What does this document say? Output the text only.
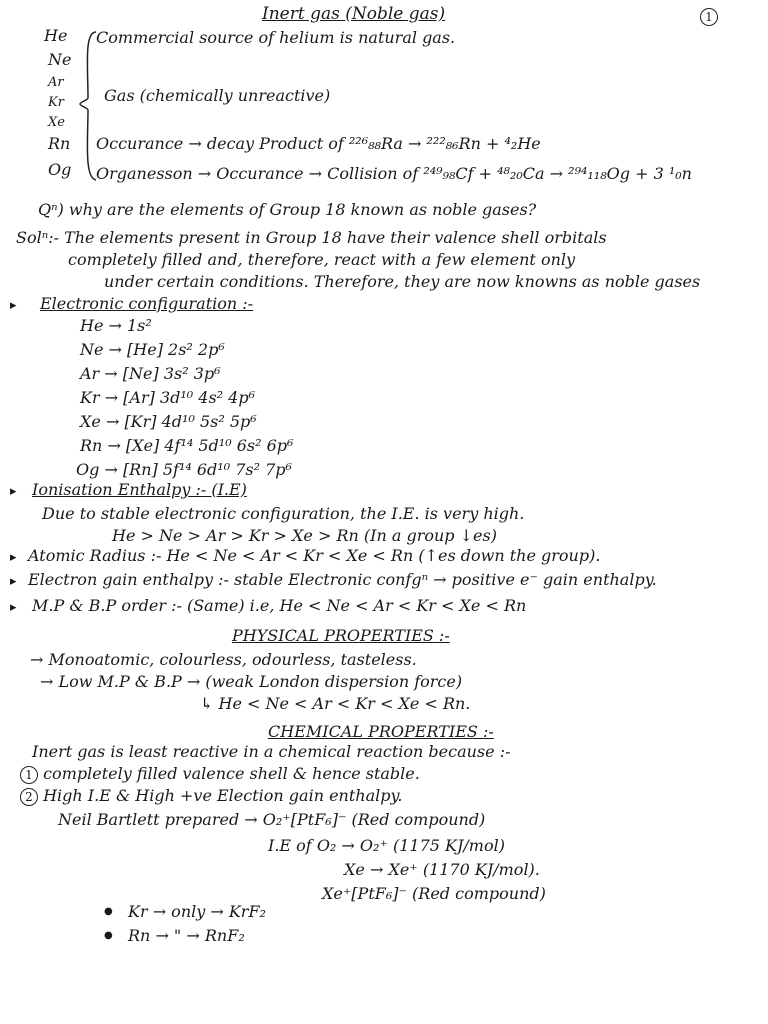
Inert gas (Noble gas)	1
He
Ne
Ar
Kr
Xe
Rn
Og
Commercial source of helium is natural gas.
Gas (chemically unreactive)
Occurance → decay Product of ²²⁶₈₈Ra → ²²²₈₆Rn + ⁴₂He
Organesson → Occurance → Collision of ²⁴⁹₉₈Cf + ⁴⁸₂₀Ca → ²⁹⁴₁₁₈Og + 3 ¹₀n
Qⁿ) why are the elements of Group 18 known as noble gases?
Solⁿ:- The elements present in Group 18 have their valence shell orbitals
completely filled and, therefore, react with a few element only
under certain conditions. Therefore, they are now knowns as noble gases
▸ Electronic configuration :-
He → 1s²
Ne → [He] 2s² 2p⁶
Ar → [Ne] 3s² 3p⁶
Kr → [Ar] 3d¹⁰ 4s² 4p⁶
Xe → [Kr] 4d¹⁰ 5s² 5p⁶
Rn → [Xe] 4f¹⁴ 5d¹⁰ 6s² 6p⁶
Og → [Rn] 5f¹⁴ 6d¹⁰ 7s² 7p⁶
▸ Ionisation Enthalpy :- (I.E)
Due to stable electronic configuration, the I.E. is very high.
He > Ne > Ar > Kr > Xe > Rn (In a group ↓es)
▸ Atomic Radius :- He < Ne < Ar < Kr < Xe < Rn (↑es down the group).
▸ Electron gain enthalpy :- stable Electronic confgⁿ → positive e⁻ gain enthalpy.
▸ M.P & B.P order :- (Same) i.e, He < Ne < Ar < Kr < Xe < Rn
PHYSICAL PROPERTIES :-
→ Monoatomic, colourless, odourless, tasteless.
→ Low M.P & B.P → (weak London dispersion force)
↳ He < Ne < Ar < Kr < Xe < Rn.
CHEMICAL PROPERTIES :-
Inert gas is least reactive in a chemical reaction because :-
1 completely filled valence shell & hence stable.
2 High I.E & High +ve Election gain enthalpy.
Neil Bartlett prepared → O₂⁺[PtF₆]⁻ (Red compound)
I.E of O₂ → O₂⁺ (1175 KJ/mol)
Xe → Xe⁺ (1170 KJ/mol).
Xe⁺[PtF₆]⁻ (Red compound)
● Kr → only → KrF₂
● Rn → " → RnF₂
